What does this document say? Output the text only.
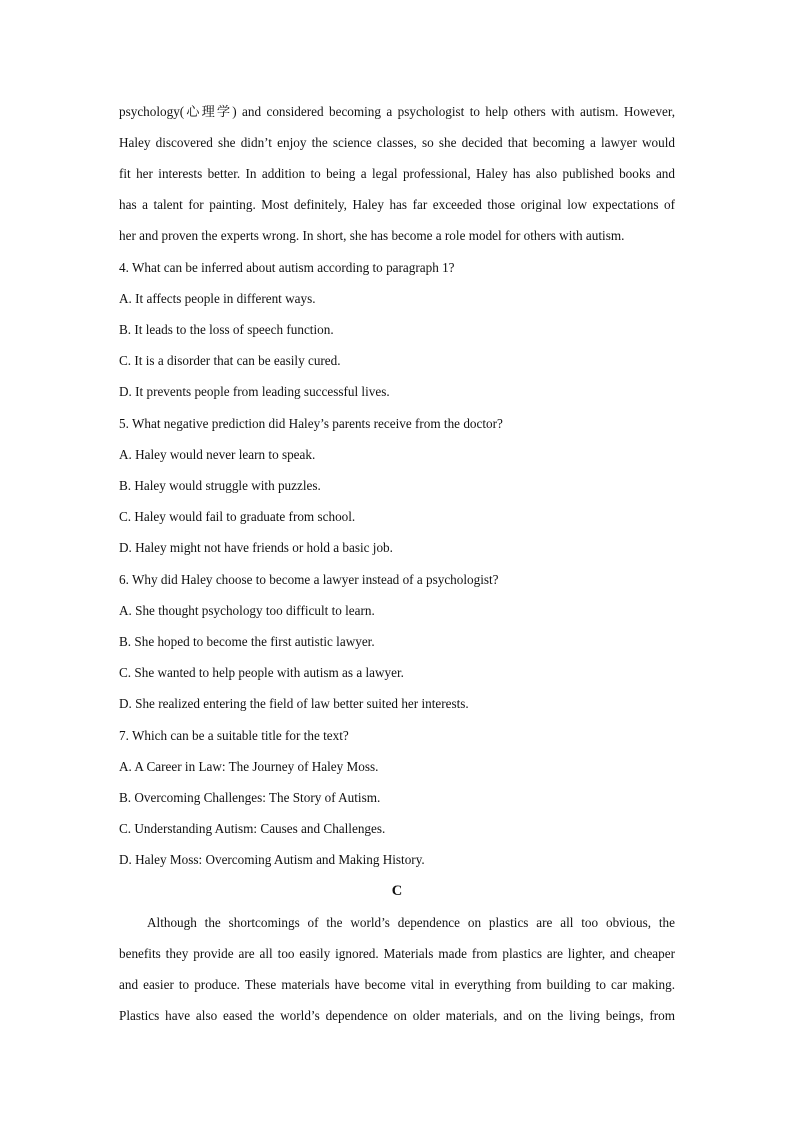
psychology(心理学) and considered becoming a psychologist to help others with autism. However,
Haley discovered she didn’t enjoy the science classes, so she decided that becoming a lawyer would
fit her interests better. In addition to being a legal professional, Haley has also published books and
has a talent for painting. Most definitely, Haley has far exceeded those original low expectations of
her and proven the experts wrong. In short, she has become a role model for others with autism.
4. What can be inferred about autism according to paragraph 1?
A. It affects people in different ways.
B. It leads to the loss of speech function.
C. It is a disorder that can be easily cured.
D. It prevents people from leading successful lives.
5. What negative prediction did Haley’s parents receive from the doctor?
A. Haley would never learn to speak.
B. Haley would struggle with puzzles.
C. Haley would fail to graduate from school.
D. Haley might not have friends or hold a basic job.
6. Why did Haley choose to become a lawyer instead of a psychologist?
A. She thought psychology too difficult to learn.
B. She hoped to become the first autistic lawyer.
C. She wanted to help people with autism as a lawyer.
D. She realized entering the field of law better suited her interests.
7. Which can be a suitable title for the text?
A. A Career in Law: The Journey of Haley Moss.
B. Overcoming Challenges: The Story of Autism.
C. Understanding Autism: Causes and Challenges.
D. Haley Moss: Overcoming Autism and Making History.
C
Although the shortcomings of the world’s dependence on plastics are all too obvious, the
benefits they provide are all too easily ignored. Materials made from plastics are lighter, and cheaper
and easier to produce. These materials have become vital in everything from building to car making.
Plastics have also eased the world’s dependence on older materials, and on the living beings, from
